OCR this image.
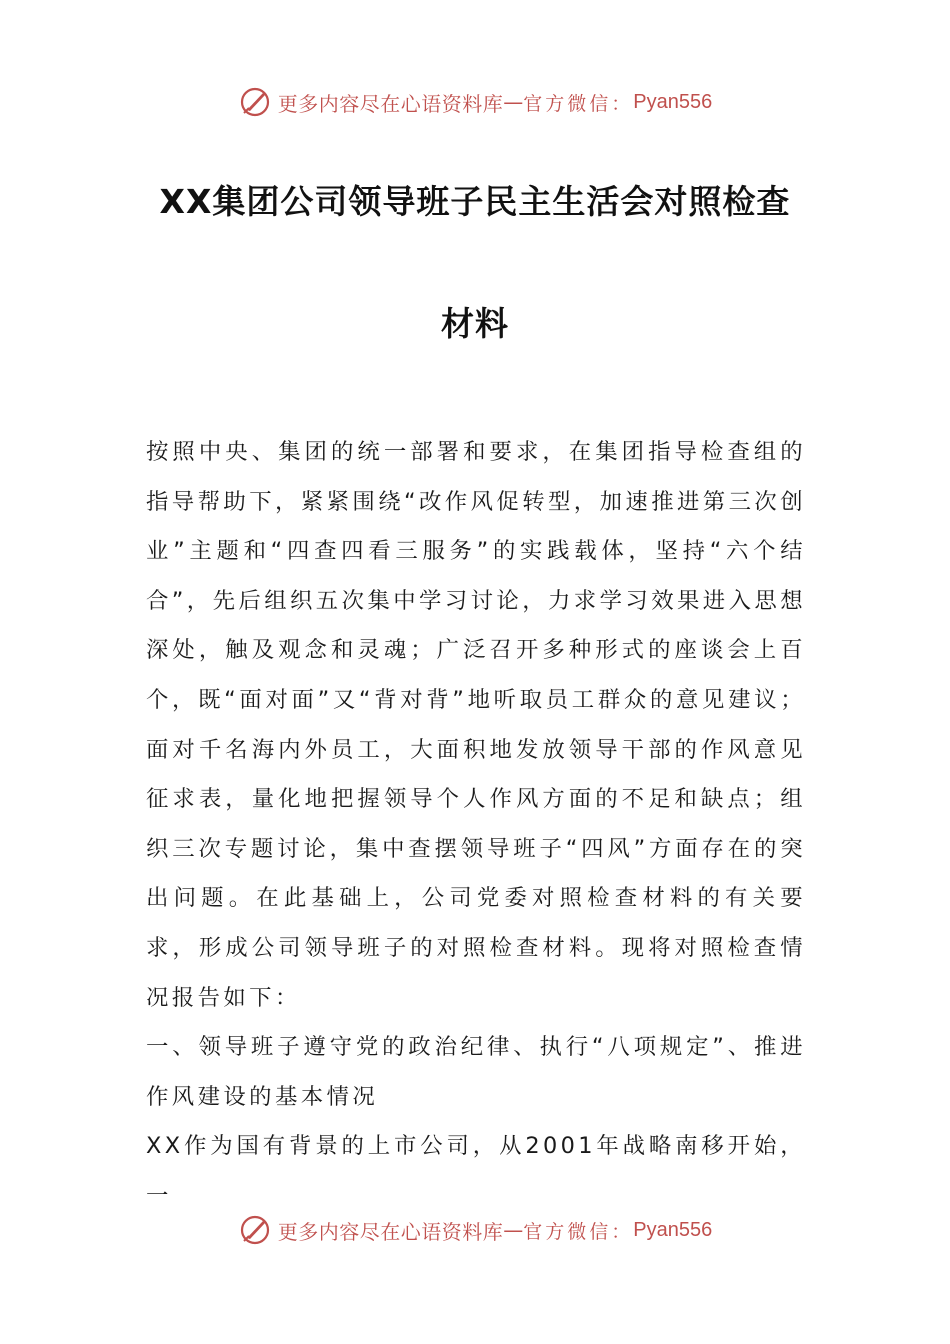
更多内容尽在心语资料库 — 官方微信： Pyan556
XX集团公司领导班子民主生活会对照检查
材料

按照中央、集团的统一部署和要求，在集团指导检查组的指导帮助下，紧紧围绕“改作风促转型，加速推进第三次创业”主题和“四查四看三服务”的实践载体，坚持“六个结合”，先后组织五次集中学习讨论，力求学习效果进入思想深处，触及观念和灵魂；广泛召开多种形式的座谈会上百个，既“面对面”又“背对背”地听取员工群众的意见建议；面对千名海内外员工，大面积地发放领导干部的作风意见征求表，量化地把握领导个人作风方面的不足和缺点；组织三次专题讨论，集中查摆领导班子“四风”方面存在的突出问题。在此基础上，公司党委对照检查材料的有关要求，形成公司领导班子的对照检查材料。现将对照检查情况报告如下：

一、领导班子遵守党的政治纪律、执行“八项规定”、推进作风建设的基本情况

XX作为国有背景的上市公司，从2001年战略南移开始，一

更多内容尽在心语资料库 — 官方微信： Pyan556
